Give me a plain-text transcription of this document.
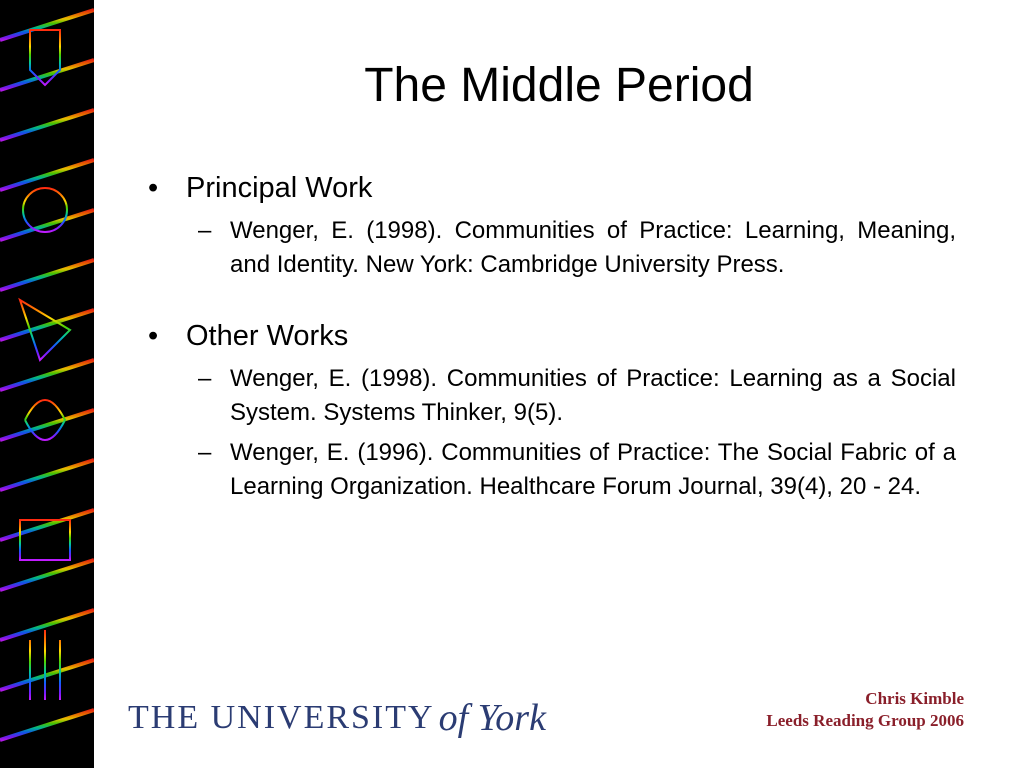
The Middle Period
• Principal Work
– Wenger, E. (1998). Communities of Practice: Learning, Meaning, and Identity. New York: Cambridge University Press.
• Other Works
– Wenger, E. (1998). Communities of Practice: Learning as a Social System. Systems Thinker, 9(5).
– Wenger, E. (1996). Communities of Practice: The Social Fabric of a Learning Organization. Healthcare Forum Journal, 39(4), 20 - 24.
THE UNIVERSITY of York	Chris Kimble
Leeds Reading Group 2006
